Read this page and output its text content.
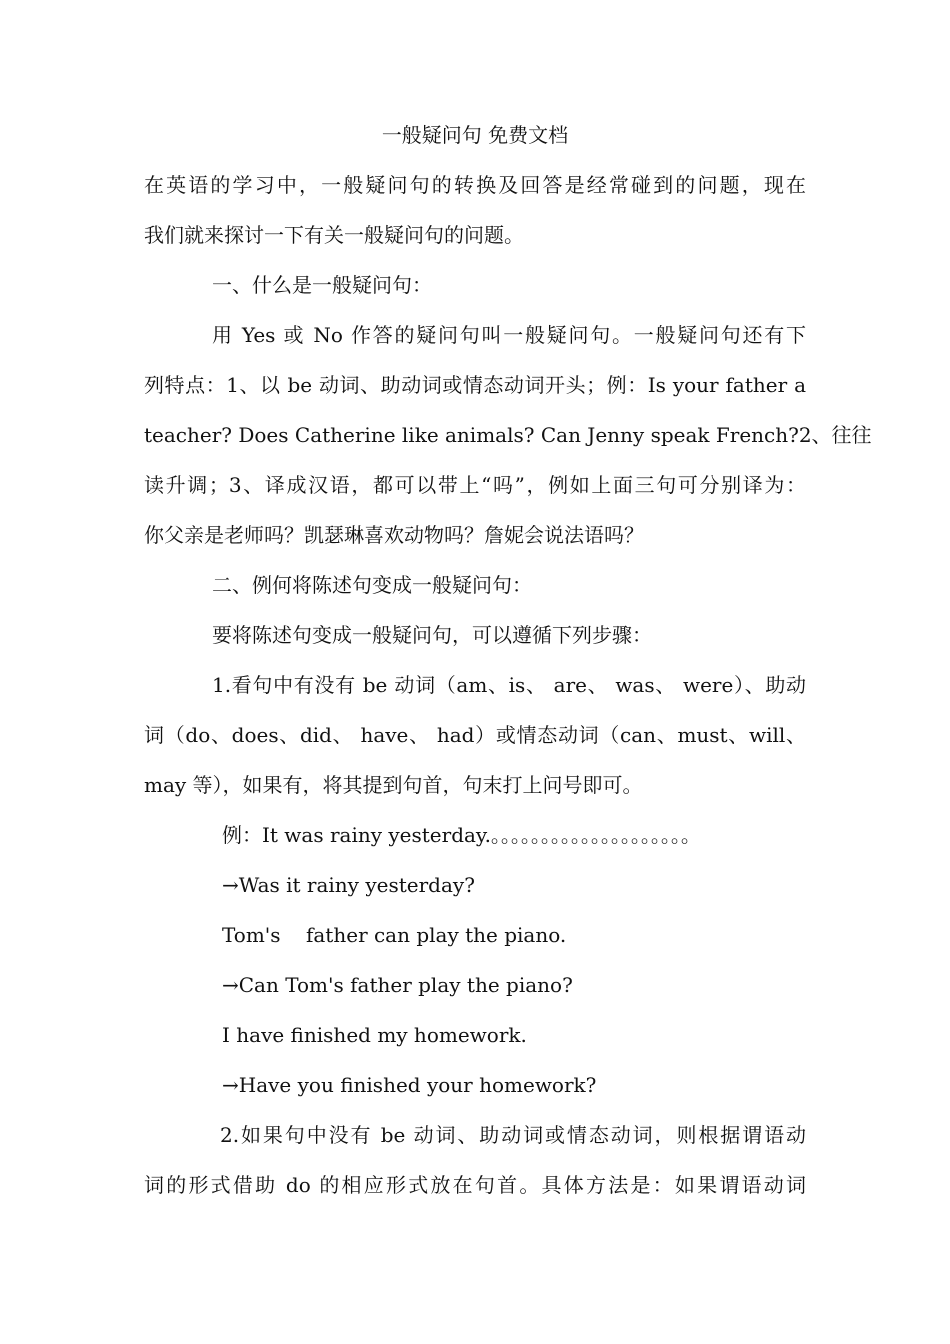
一般疑问句 免费文档
在英语的学习中，一般疑问句的转换及回答是经常碰到的问题，现在
我们就来探讨一下有关一般疑问句的问题。
一、什么是一般疑问句：
用 Yes 或 No 作答的疑问句叫一般疑问句。一般疑问句还有下
列特点：1、以 be 动词、助动词或情态动词开头；例：Is your father a
teacher? Does Catherine like animals? Can Jenny speak French?2、往往
读升调；3、译成汉语，都可以带上“吗”，例如上面三句可分别译为：
你父亲是老师吗？凯瑟琳喜欢动物吗？詹妮会说法语吗？
二、例何将陈述句变成一般疑问句：
要将陈述句变成一般疑问句，可以遵循下列步骤：
1.看句中有没有 be 动词（am、is、 are、 was、 were）、助动
词（do、does、did、 have、 had）或情态动词（can、must、will、
may 等），如果有，将其提到句首，句末打上问号即可。
例：It was rainy yesterday.。。。。。。。。。。。。。。。。。。。。
→Was it rainy yesterday?
Tom's    father can play the piano.
→Can Tom's father play the piano?
I have finished my homework.
→Have you finished your homework?
2.如果句中没有 be 动词、助动词或情态动词，则根据谓语动
词的形式借助 do 的相应形式放在句首。具体方法是：如果谓语动词
